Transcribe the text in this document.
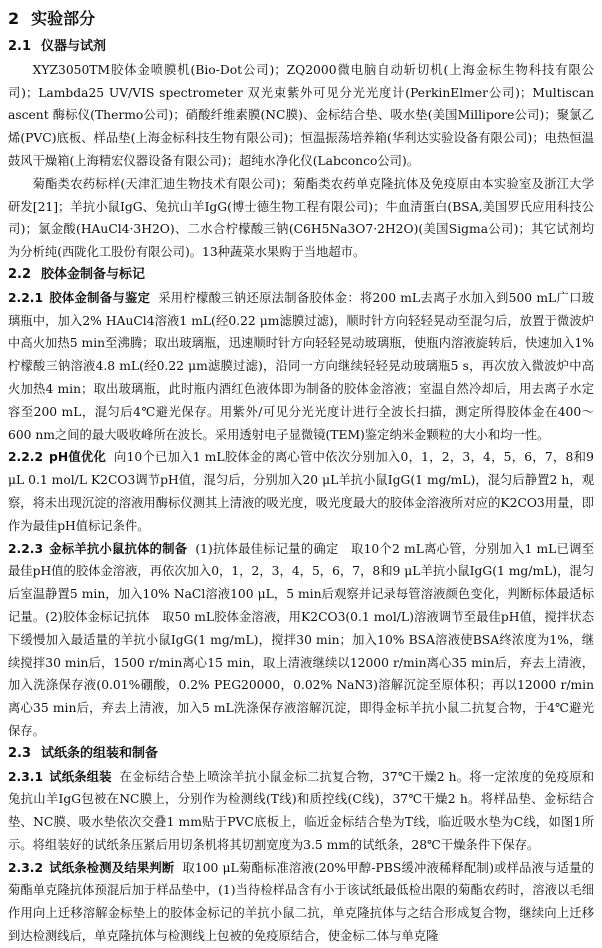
2 实验部分
2.1 仪器与试剂

XYZ3050TM胶体金喷膜机(Bio-Dot公司)；ZQ2000微电脑自动斩切机(上海金标生物科技有限公司)；Lambda25 UV/VIS spectrometer 双光束紫外可见分光光度计(PerkinElmer公司)；Multiscan ascent 酶标仪(Thermo公司)；硝酸纤维素膜(NC膜)、金标结合垫、吸水垫(美国Millipore公司)；聚氯乙烯(PVC)底板、样品垫(上海金标科技生物有限公司)；恒温振荡培养箱(华利达实验设备有限公司)；电热恒温鼓风干燥箱(上海精宏仪器设备有限公司)；超纯水净化仪(Labconco公司)。

菊酯类农药标样(天津汇迪生物技术有限公司)；菊酯类农药单克隆抗体及免疫原由本实验室及浙江大学研发[21]；羊抗小鼠IgG、兔抗山羊IgG(博士德生物工程有限公司)；牛血清蛋白(BSA,美国罗氏应用科技公司)；氯金酸(HAuCl4·3H2O)、二水合柠檬酸三钠(C6H5Na3O7·2H2O)(美国Sigma公司)；其它试剂均为分析纯(西陇化工股份有限公司)。13种蔬菜水果购于当地超市。

2.2 胶体金制备与标记

2.2.1 胶体金制备与鉴定 采用柠檬酸三钠还原法制备胶体金：将200 mL去离子水加入到500 mL广口玻璃瓶中，加入2% HAuCl4溶液1 mL(经0.22 μm滤膜过滤)，顺时针方向轻轻晃动至混匀后，放置于微波炉中高火加热5 min至沸腾；取出玻璃瓶，迅速顺时针方向轻轻晃动玻璃瓶，使瓶内溶液旋转后，快速加入1%柠檬酸三钠溶液4.8 mL(经0.22 μm滤膜过滤)，沿同一方向继续轻轻晃动玻璃瓶5 s，再次放入微波炉中高火加热4 min；取出玻璃瓶，此时瓶内酒红色液体即为制备的胶体金溶液；室温自然冷却后，用去离子水定容至200 mL，混匀后4℃避光保存。用紫外/可见分光光度计进行全波长扫描，测定所得胶体金在400～600 nm之间的最大吸收峰所在波长。采用透射电子显微镜(TEM)鉴定纳米金颗粒的大小和均一性。

2.2.2 pH值优化 向10个已加入1 mL胶体金的离心管中依次分别加入0，1，2，3，4，5，6，7，8和9 μL 0.1 mol/L K2CO3调节pH值，混匀后，分别加入20 μL羊抗小鼠IgG(1 mg/mL)，混匀后静置2 h，观察，将未出现沉淀的溶液用酶标仪测其上清液的吸光度，吸光度最大的胶体金溶液所对应的K2CO3用量，即作为最佳pH值标记条件。

2.2.3 金标羊抗小鼠抗体的制备 (1)抗体最佳标记量的确定　取10个2 mL离心管，分别加入1 mL已调至最佳pH值的胶体金溶液，再依次加入0，1，2，3，4，5，6，7，8和9 μL羊抗小鼠IgG(1 mg/mL)，混匀后室温静置5 min，加入10% NaCl溶液100 μL，5 min后观察并记录每管溶液颜色变化，判断标体最适标记量。(2)胶体金标记抗体　取50 mL胶体金溶液，用K2CO3(0.1 mol/L)溶液调节至最佳pH值，搅拌状态下缓慢加入最适量的羊抗小鼠IgG(1 mg/mL)，搅拌30 min；加入10% BSA溶液使BSA终浓度为1%，继续搅拌30 min后，1500 r/min离心15 min，取上清液继续以12000 r/min离心35 min后，弃去上清液，加入洗涤保存液(0.01%硼酸，0.2% PEG20000，0.02% NaN3)溶解沉淀至原体积；再以12000 r/min离心35 min后，弃去上清液，加入5 mL洗涤保存液溶解沉淀，即得金标羊抗小鼠二抗复合物，于4℃避光保存。

2.3 试纸条的组装和制备

2.3.1 试纸条组装 在金标结合垫上喷涂羊抗小鼠金标二抗复合物，37℃干燥2 h。将一定浓度的免疫原和兔抗山羊IgG包被在NC膜上，分别作为检测线(T线)和质控线(C线)，37℃干燥2 h。将样品垫、金标结合垫、NC膜、吸水垫依次交叠1 mm贴于PVC底板上，临近金标结合垫为T线，临近吸水垫为C线，如图1所示。将组装好的试纸条压紧后用切条机将其切割宽度为3.5 mm的试纸条，28℃干燥条件下保存。

2.3.2 试纸条检测及结果判断 取100 μL菊酯标准溶液(20%甲醇-PBS缓冲液稀释配制)或样品液与适量的菊酯单克隆抗体预混后加于样品垫中，(1)当待检样品含有小于该试纸最低检出限的菊酯农药时，溶液以毛细作用向上迁移溶解金标垫上的胶体金标记的羊抗小鼠二抗，单克隆抗体与之结合形成复合物，继续向上迁移到达检测线后，单克隆抗体与检测线上包被的免疫原结合，使金标二体与单克隆
